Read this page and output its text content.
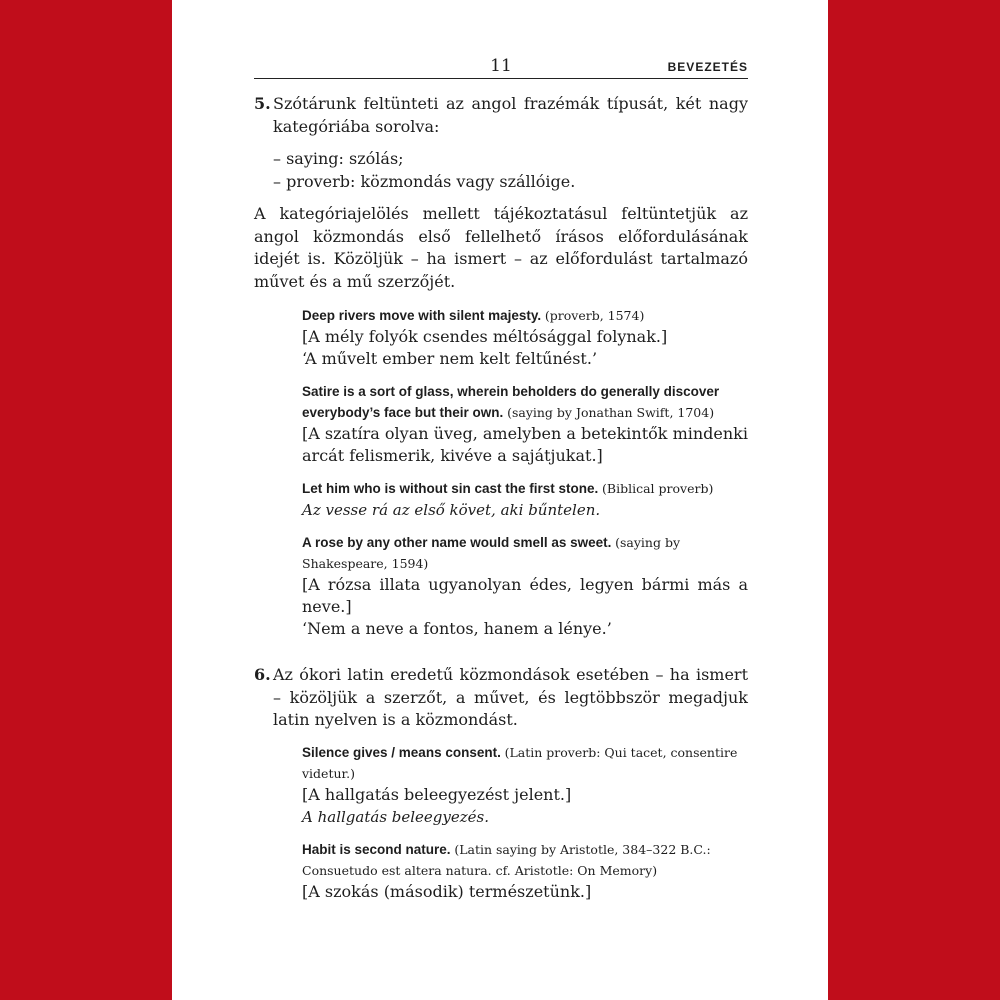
11	BEVEZETÉS
5. Szótárunk feltünteti az angol frazémák típusát, két nagy kategóriába sorolva:

– saying: szólás;
– proverb: közmondás vagy szállóige.

A kategóriajelölés mellett tájékoztatásul feltüntetjük az angol közmondás első fellelhető írásos előfordulásának idejét is. Közöljük – ha ismert – az előfordulást tartalmazó művet és a mű szerzőjét.

Deep rivers move with silent majesty. (proverb, 1574)
[A mély folyók csendes méltósággal folynak.]
‘A művelt ember nem kelt feltűnést.’
Satire is a sort of glass, wherein beholders do generally discover everybody’s face but their own. (saying by Jonathan Swift, 1704)
[A szatíra olyan üveg, amelyben a betekintők mindenki arcát felismerik, kivéve a sajátjukat.]
Let him who is without sin cast the first stone. (Biblical proverb)
Az vesse rá az első követ, aki bűntelen.
A rose by any other name would smell as sweet. (saying by Shakespeare, 1594)
[A rózsa illata ugyanolyan édes, legyen bármi más a neve.]
‘Nem a neve a fontos, hanem a lénye.’
6. Az ókori latin eredetű közmondások esetében – ha ismert – közöljük a szerzőt, a művet, és legtöbbször megadjuk latin nyelven is a közmondást.

Silence gives / means consent. (Latin proverb: Qui tacet, consentire videtur.)
[A hallgatás beleegyezést jelent.]
A hallgatás beleegyezés.
Habit is second nature. (Latin saying by Aristotle, 384–322 B.C.: Consuetudo est altera natura. cf. Aristotle: On Memory)
[A szokás (második) természetünk.]
